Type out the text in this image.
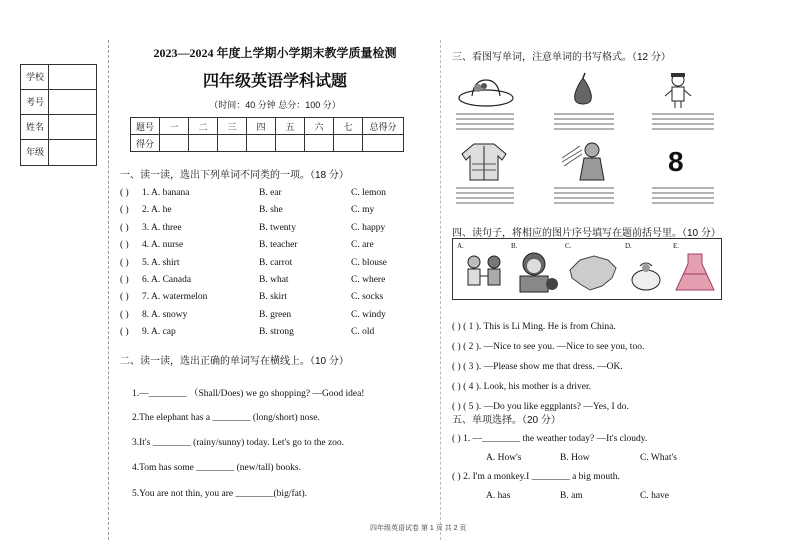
学校
考号
姓名
年级
2023—2024 年度上学期小学期末教学质量检测
四年级英语学科试题
（时间：40 分钟 总分：100 分）
题号	一	二	三	四	五	六	七	总得分
得分								
一、读一读，选出下列单词不同类的一项。（18 分）
( ) 1. A. banana	B. ear	C. lemon
( ) 2. A. he	B. she	C. my
( ) 3. A. three	B. twenty	C. happy
( ) 4. A. nurse	B. teacher	C. are
( ) 5. A. shirt	B. carrot	C. blouse
( ) 6. A. Canada	B. what	C. where
( ) 7. A. watermelon	B. skirt	C. socks
( ) 8. A. snowy	B. green	C. windy
( ) 9. A. cap	B. strong	C. old
二、读一读，选出正确的单词写在横线上。（10 分）
1.—________ （Shall/Does) we go shopping? —Good idea!
2.The elephant has a ________ (long/short) nose.
3.It's ________ (rainy/sunny) today. Let's go to the zoo.
4.Tom has some ________ (new/tall) books.
5.You are not thin, you are ________(big/fat).
三、看图写单词，注意单词的书写格式。（12 分）
8
四、读句子，将相应的图片序号填写在题前括号里。（10 分）
A.	B.	C.	D.	E.
( ) ( 1 ). This is Li Ming. He is from China.
( ) ( 2 ). —Nice to see you. —Nice to see you, too.
( ) ( 3 ). —Please show me that dress. —OK.
( ) ( 4 ). Look, his mother is a driver.
( ) ( 5 ). —Do you like eggplants? —Yes, I do.
五、单项选择。（20 分）
( ) 1. —________ the weather today? —It's cloudy.
A. How's	B. How	C. What's
( ) 2. I'm a monkey.I ________ a big mouth.
A. has	B. am	C. have
四年级英语试卷 第 1 页 共 2 页
